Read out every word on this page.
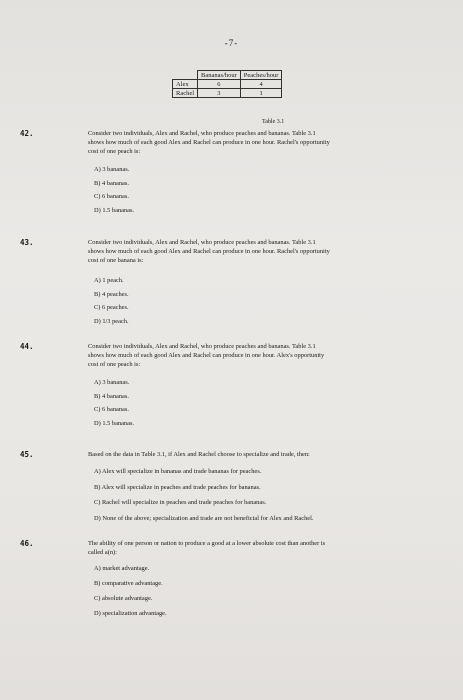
-7-
	Bananas/hour	Peaches/hour
Alex	6	4
Rachel	3	1
Table 3.1
42.	Consider two individuals, Alex and Rachel, who produce peaches and bananas. Table 3.1
shows how much of each good Alex and Rachel can produce in one hour. Rachel's opportunity
cost of one peach is:
A) 3 bananas.
B) 4 bananas.
C) 6 bananas.
D) 1.5 bananas.
43.	Consider two individuals, Alex and Rachel, who produce peaches and bananas. Table 3.1
shows how much of each good Alex and Rachel can produce in one hour. Rachel's opportunity
cost of one banana is:
A) 1 peach.
B) 4 peaches.
C) 6 peaches.
D) 1/3 peach.
44.	Consider two individuals, Alex and Rachel, who produce peaches and bananas. Table 3.1
shows how much of each good Alex and Rachel can produce in one hour. Alex's opportunity
cost of one peach is:
A) 3 bananas.
B) 4 bananas.
C) 6 bananas.
D) 1.5 bananas.
45.	Based on the data in Table 3.1, if Alex and Rachel choose to specialize and trade, then:
A) Alex will specialize in bananas and trade bananas for peaches.
B) Alex will specialize in peaches and trade peaches for bananas.
C) Rachel will specialize in peaches and trade peaches for bananas.
D) None of the above; specialization and trade are not beneficial for Alex and Rachel.
46.	The ability of one person or nation to produce a good at a lower absolute cost than another is
called a(n):
A) market advantage.
B) comparative advantage.
C) absolute advantage.
D) specialization advantage.
